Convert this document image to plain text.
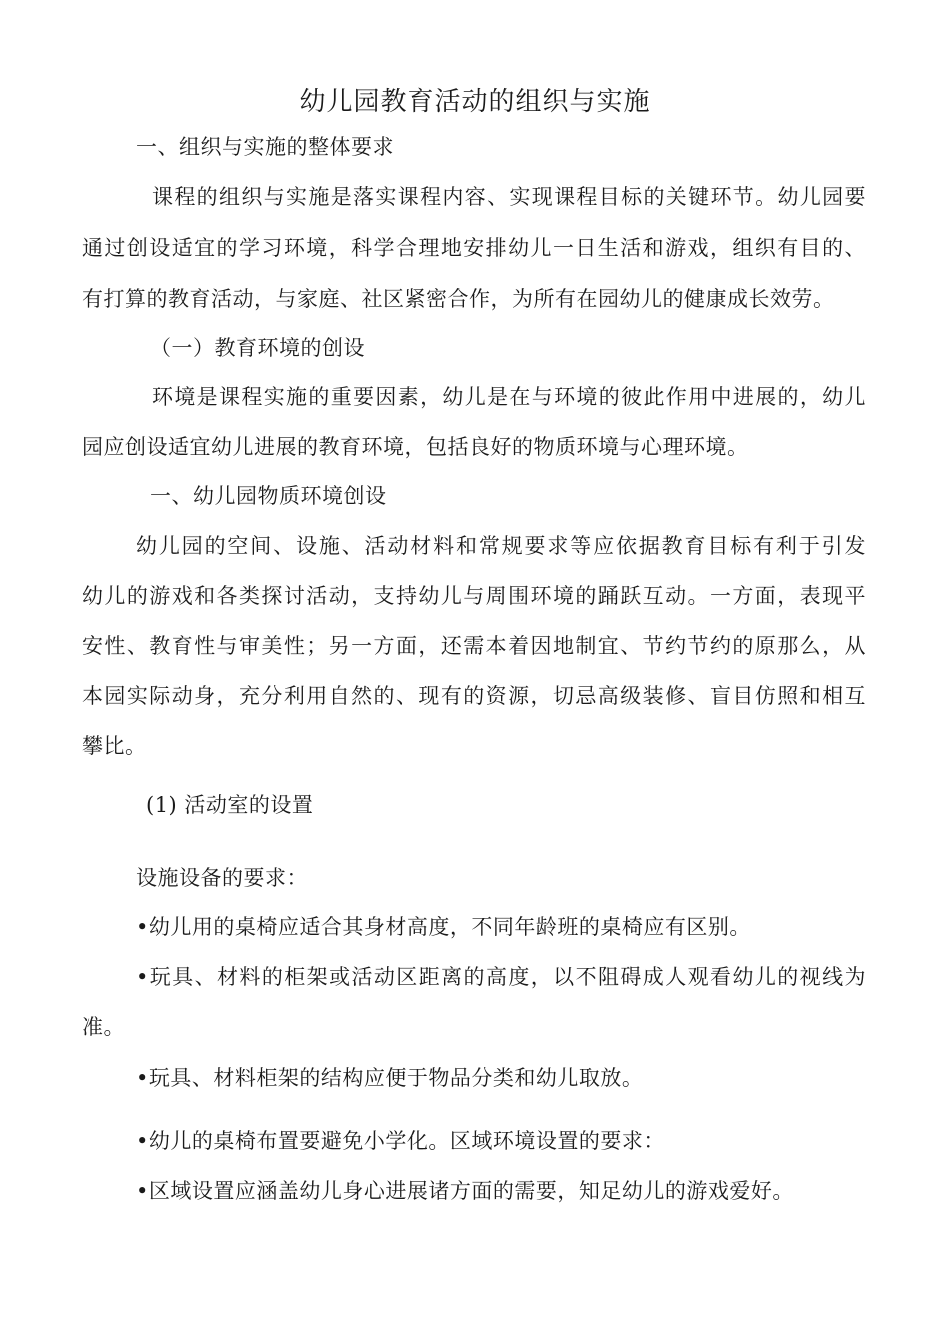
幼儿园教育活动的组织与实施
一、组织与实施的整体要求
课程的组织与实施是落实课程内容、实现课程目标的关键环节。幼儿园要
通过创设适宜的学习环境，科学合理地安排幼儿一日生活和游戏，组织有目的、
有打算的教育活动，与家庭、社区紧密合作，为所有在园幼儿的健康成长效劳。
（一）教育环境的创设
环境是课程实施的重要因素，幼儿是在与环境的彼此作用中进展的，幼儿
园应创设适宜幼儿进展的教育环境，包括良好的物质环境与心理环境。
一、幼儿园物质环境创设
幼儿园的空间、设施、活动材料和常规要求等应依据教育目标有利于引发
幼儿的游戏和各类探讨活动，支持幼儿与周围环境的踊跃互动。一方面，表现平
安性、教育性与审美性；另一方面，还需本着因地制宜、节约节约的原那么，从
本园实际动身，充分利用自然的、现有的资源，切忌高级装修、盲目仿照和相互
攀比。
(1) 活动室的设置
设施设备的要求：
•幼儿用的桌椅应适合其身材高度，不同年龄班的桌椅应有区别。
•玩具、材料的柜架或活动区距离的高度，以不阻碍成人观看幼儿的视线为
准。
•玩具、材料柜架的结构应便于物品分类和幼儿取放。
•幼儿的桌椅布置要避免小学化。区域环境设置的要求：
•区域设置应涵盖幼儿身心进展诸方面的需要，知足幼儿的游戏爱好。
